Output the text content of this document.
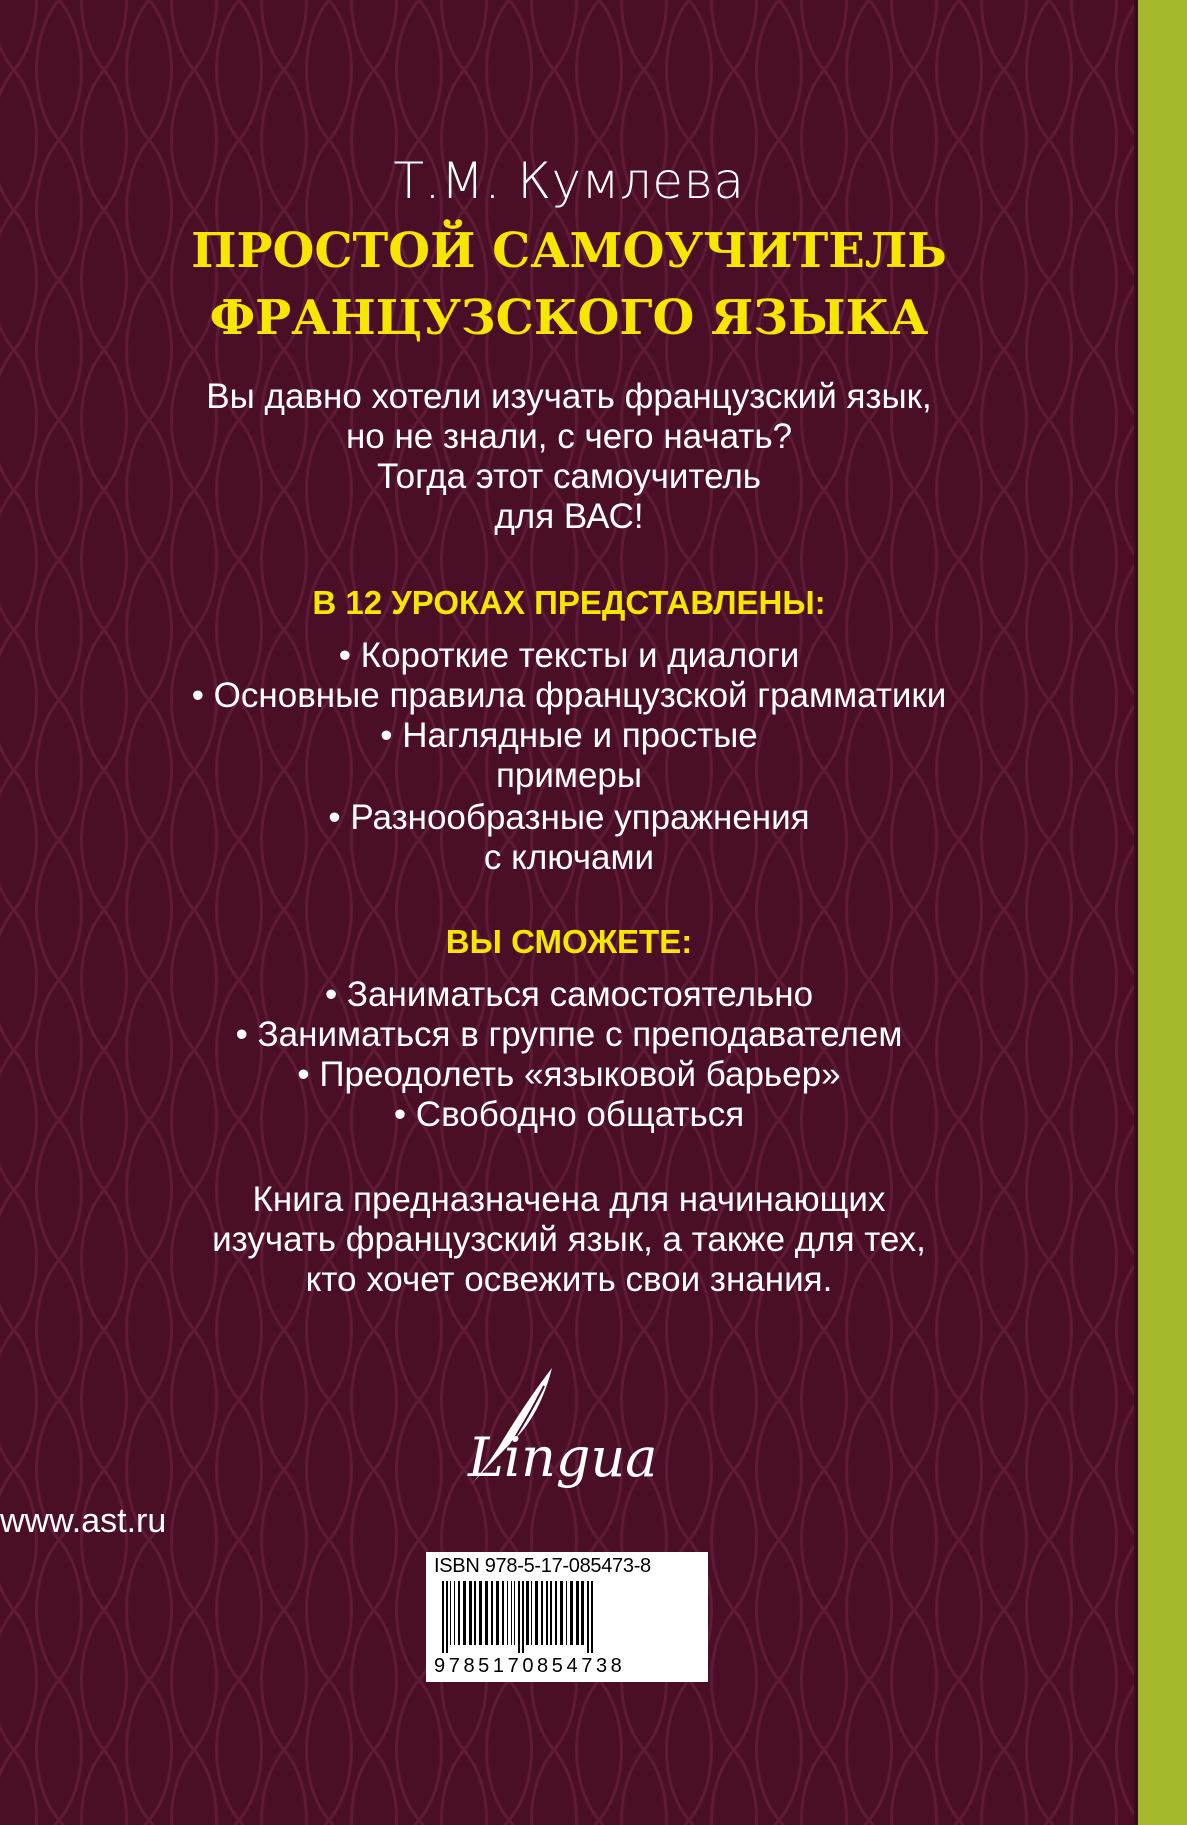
Т.М. Кумлева
ПРОСТОЙ САМОУЧИТЕЛЬ
ФРАНЦУЗСКОГО ЯЗЫКА
Вы давно хотели изучать французский язык,
но не знали, с чего начать?
Тогда этот самоучитель
для ВАС!
В 12 УРОКАХ ПРЕДСТАВЛЕНЫ:
• Короткие тексты и диалоги
• Основные правила французской грамматики
• Наглядные и простые
примеры
• Разнообразные упражнения
с ключами
ВЫ СМОЖЕТЕ:
• Заниматься самостоятельно
• Заниматься в группе с преподавателем
• Преодолеть «языковой барьер»
• Свободно общаться
Книга предназначена для начинающих
изучать французский язык, а также для тех,
кто хочет освежить свои знания.
Lingua
www.ast.ru
ISBN 978-5-17-085473-8
9785170854738
